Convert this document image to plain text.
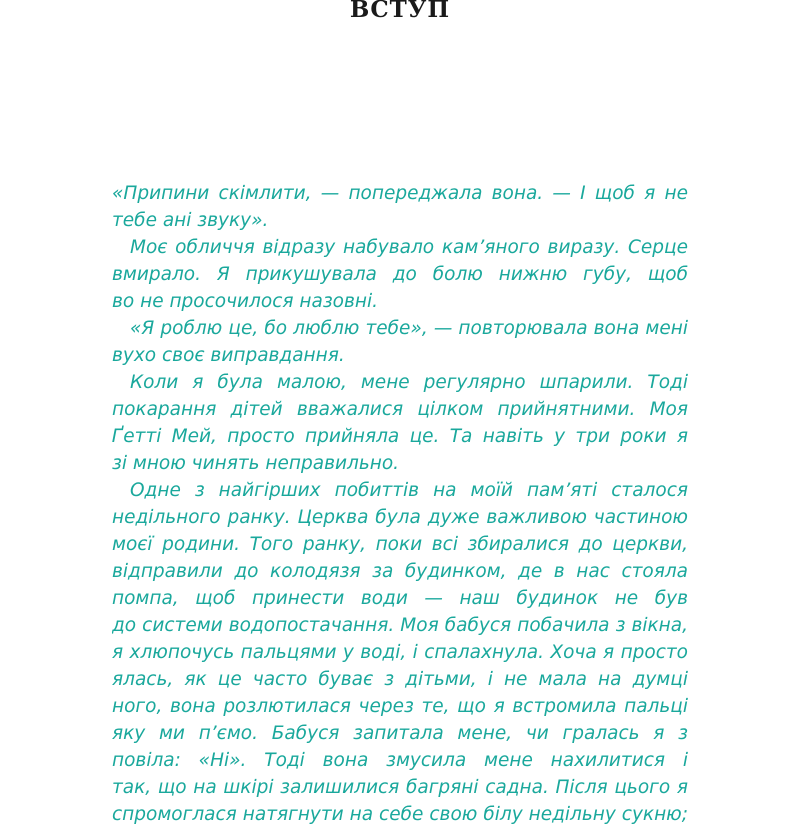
ВСТУП
«Припини скімлити, — попереджала вона. — І щоб я не
тебе ані звуку».
Моє обличчя відразу набувало кам’яного виразу. Серце
вмирало. Я прикушувала до болю нижню губу, щоб
во не просочилося назовні.
«Я роблю це, бо люблю тебе», — повторювала вона мені
вухо своє виправдання.
Коли я була малою, мене регулярно шпарили. Тоді
покарання дітей вважалися цілком прийнятними. Моя
Ґетті Мей, просто прийняла це. Та навіть у три роки я
зі мною чинять неправильно.
Одне з найгірших побиттів на моїй пам’яті сталося
недільного ранку. Церква була дуже важливою частиною
моєї родини. Того ранку, поки всі збиралися до церкви,
відправили до колодязя за будинком, де в нас стояла
помпа, щоб принести води — наш будинок не був
до системи водопостачання. Моя бабуся побачила з вікна,
я хлюпочусь пальцями у воді, і спалахнула. Хоча я просто
ялась, як це часто буває з дітьми, і не мала на думці
ного, вона розлютилася через те, що я встромила пальці
яку ми п’ємо. Бабуся запитала мене, чи гралась я з
повіла: «Ні». Тоді вона змусила мене нахилитися і
так, що на шкірі залишилися багряні садна. Після цього я
спромоглася натягнути на себе свою білу недільну сукню;
